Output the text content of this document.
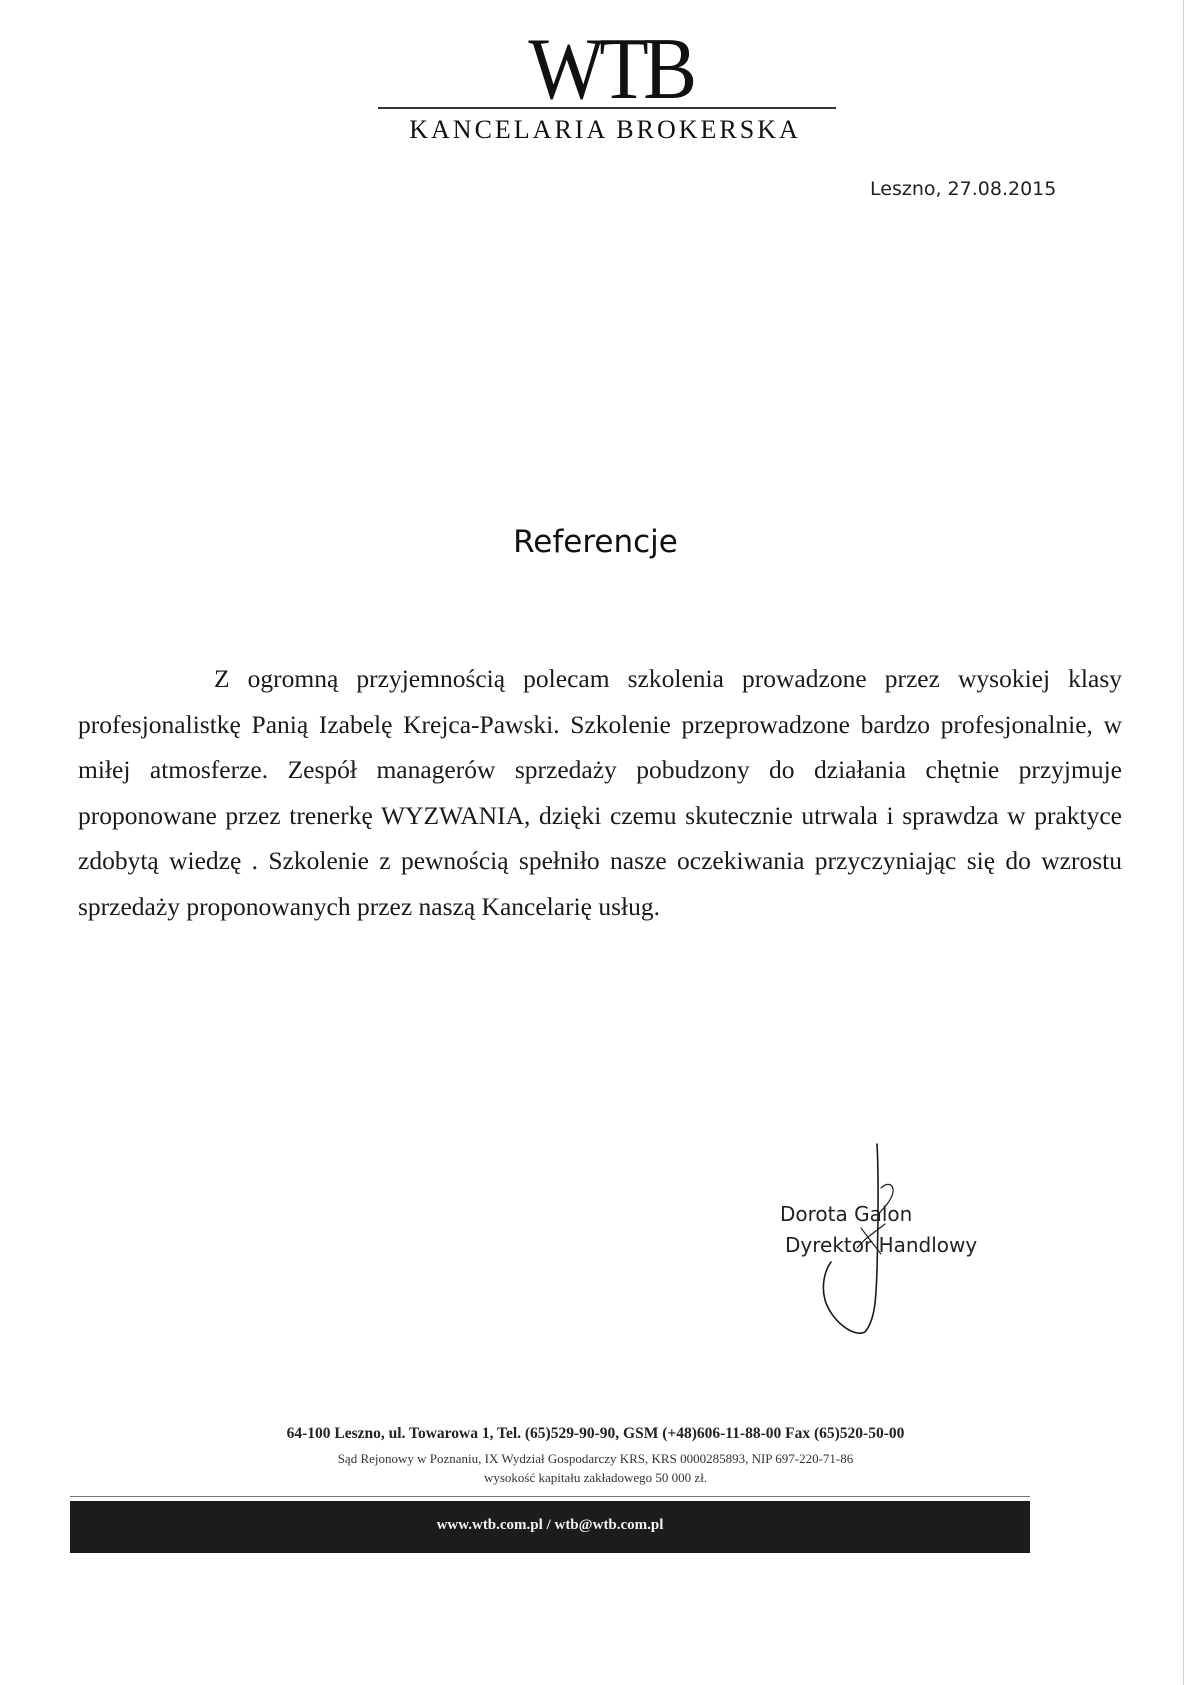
WTB
KANCELARIA BROKERSKA
Leszno, 27.08.2015
Referencje
Z ogromną przyjemnością polecam szkolenia prowadzone przez wysokiej klasy profesjonalistkę Panią Izabelę Krejca-Pawski. Szkolenie przeprowadzone bardzo profesjonalnie, w miłej atmosferze. Zespół managerów sprzedaży pobudzony do działania chętnie przyjmuje proponowane przez trenerkę WYZWANIA, dzięki czemu skutecznie utrwala i sprawdza w praktyce zdobytą wiedzę . Szkolenie z pewnością spełniło nasze oczekiwania przyczyniając się do wzrostu sprzedaży proponowanych przez naszą Kancelarię usług.
Dorota Galon
Dyrektor Handlowy
64-100 Leszno, ul. Towarowa 1, Tel. (65)529-90-90, GSM (+48)606-11-88-00 Fax (65)520-50-00
Sąd Rejonowy w Poznaniu, IX Wydział Gospodarczy KRS, KRS 0000285893, NIP 697-220-71-86
wysokość kapitału zakładowego 50 000 zł.
www.wtb.com.pl / wtb@wtb.com.pl
